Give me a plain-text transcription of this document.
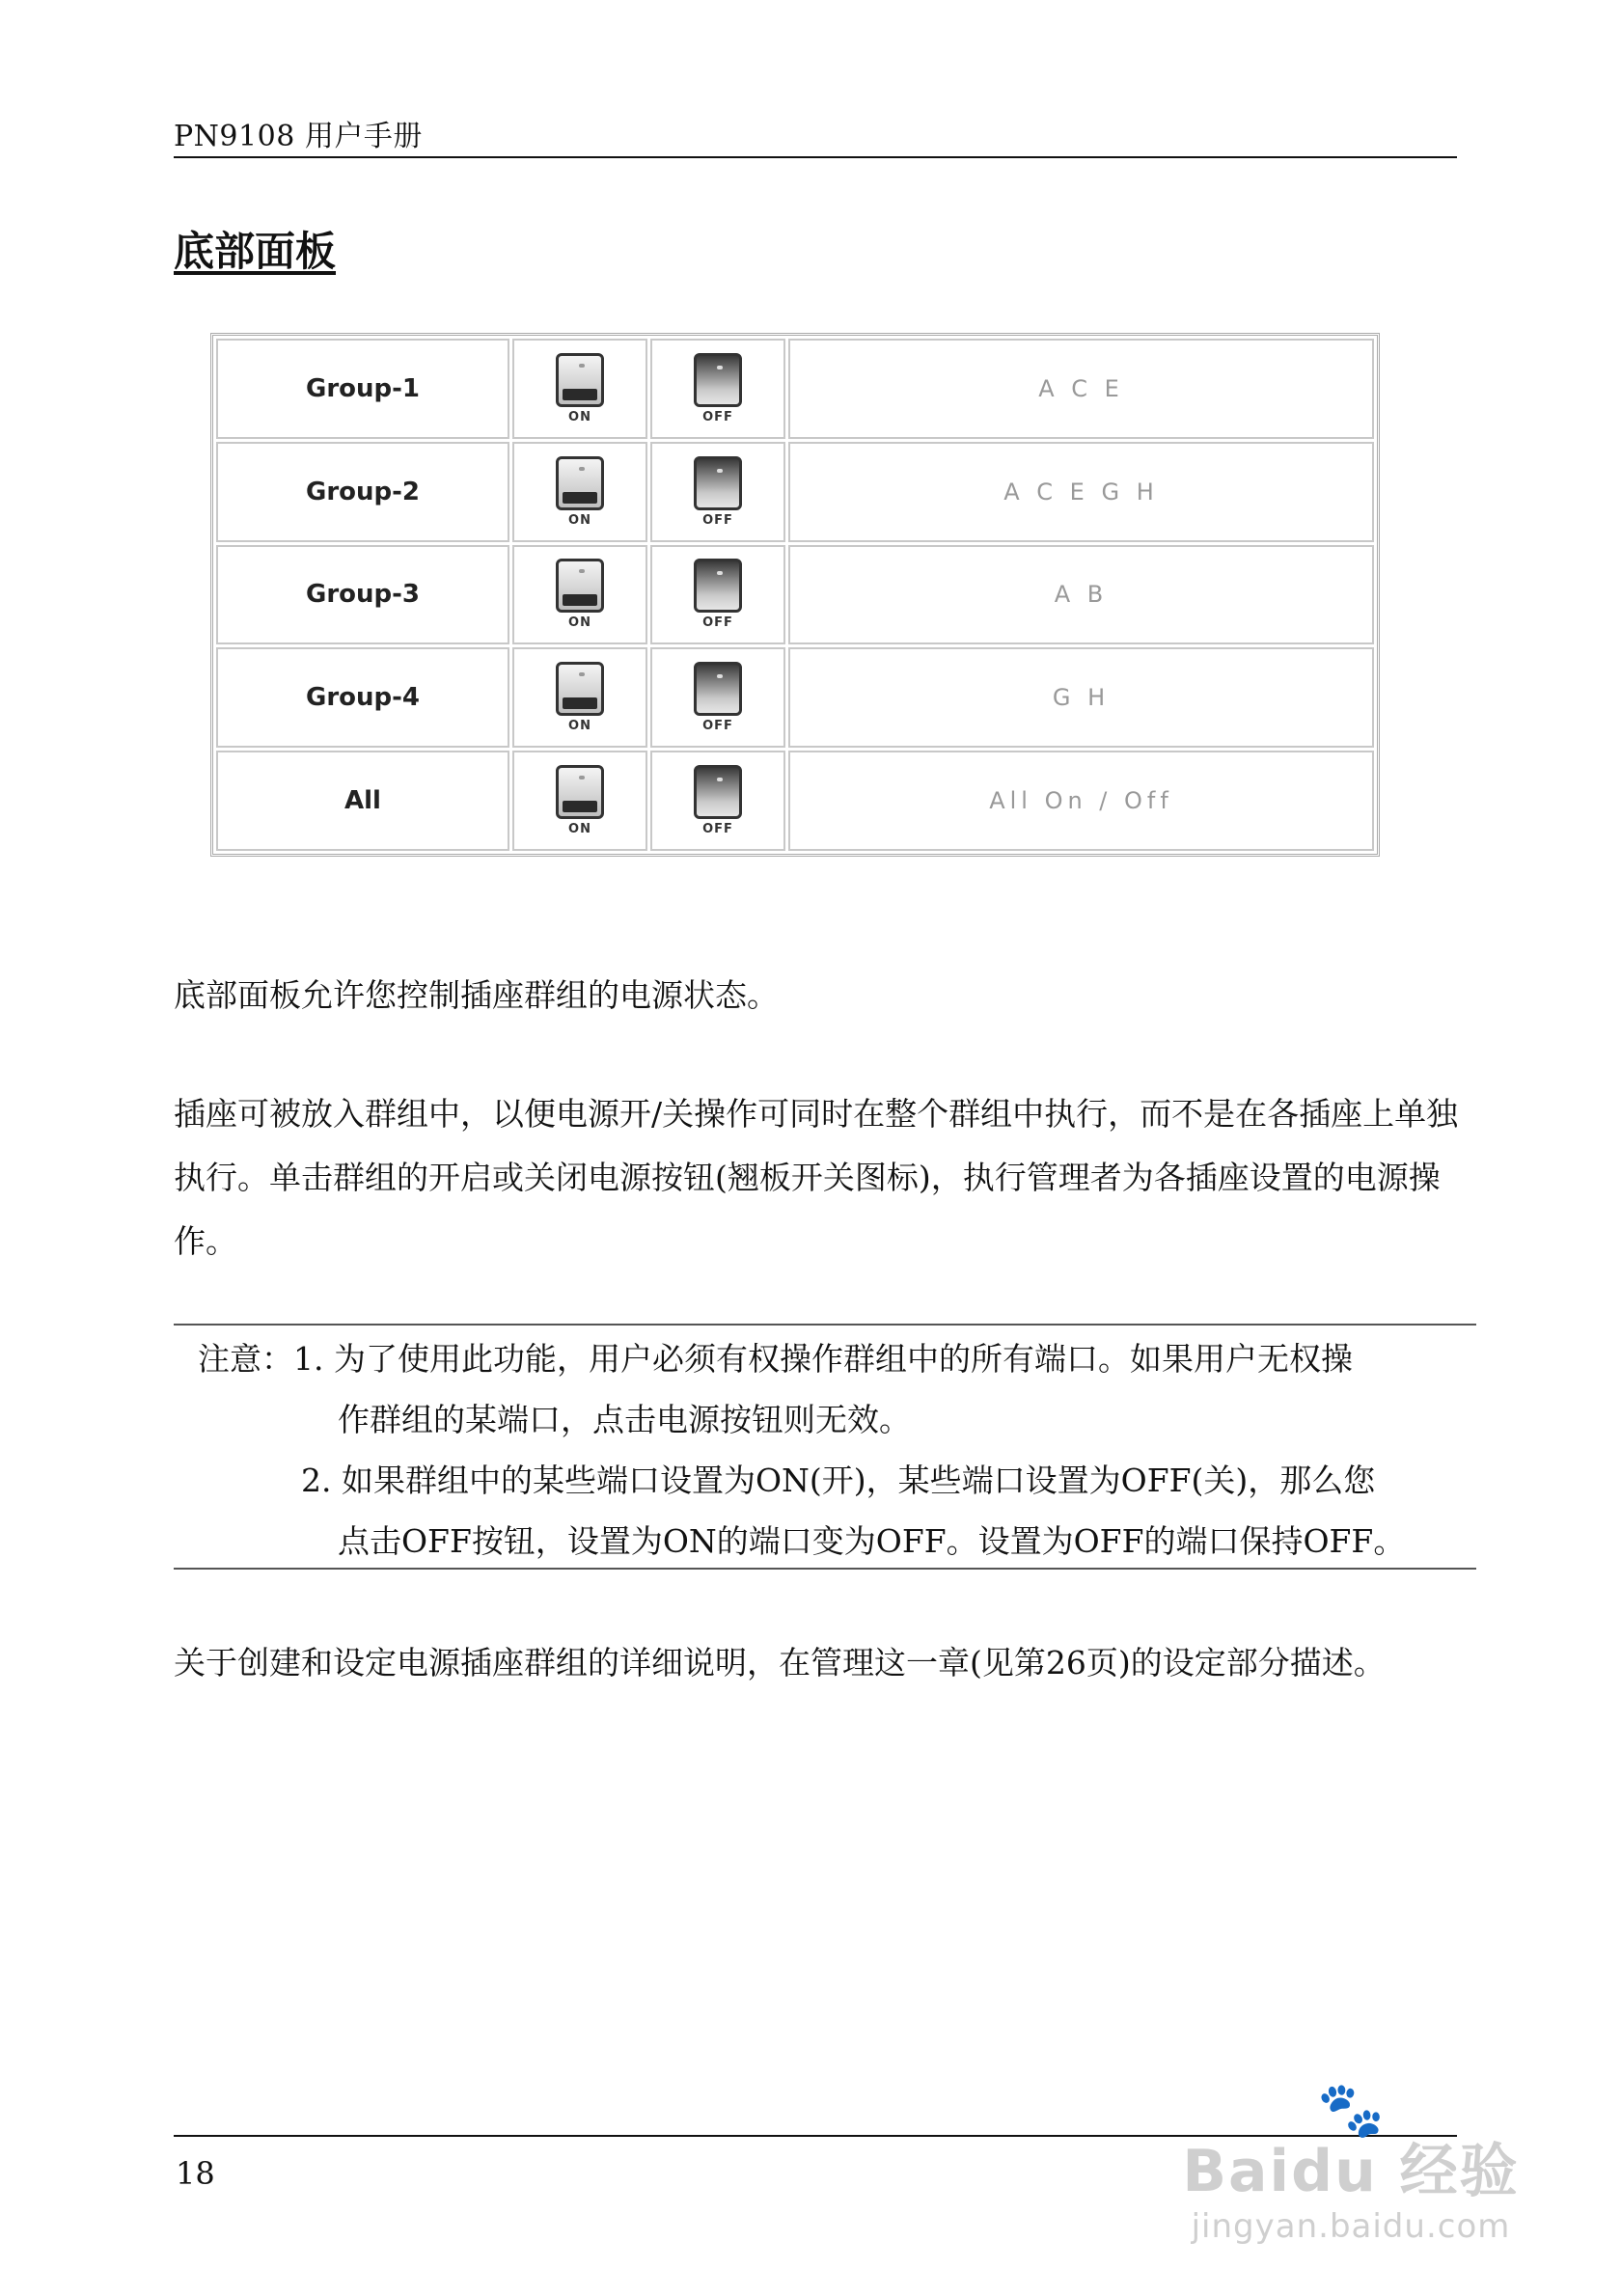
PN9108 用户手册
底部面板
Group-1	ON	OFF	A C E
Group-2	ON	OFF	A C E G H
Group-3	ON	OFF	A B
Group-4	ON	OFF	G H
All	ON	OFF	All On / Off

底部面板允许您控制插座群组的电源状态。

插座可被放入群组中，以便电源开/关操作可同时在整个群组中执行，而不是在各插座上单独执行。单击群组的开启或关闭电源按钮(翘板开关图标)，执行管理者为各插座设置的电源操作。

注意：1. 为了使用此功能，用户必须有权操作群组中的所有端口。如果用户无权操
作群组的某端口，点击电源按钮则无效。
2. 如果群组中的某些端口设置为ON(开)，某些端口设置为OFF(关)，那么您
点击OFF按钮，设置为ON的端口变为OFF。设置为OFF的端口保持OFF。

关于创建和设定电源插座群组的详细说明，在管理这一章(见第26页)的设定部分描述。

18
🐾
Baidu 经验
jingyan.baidu.com
